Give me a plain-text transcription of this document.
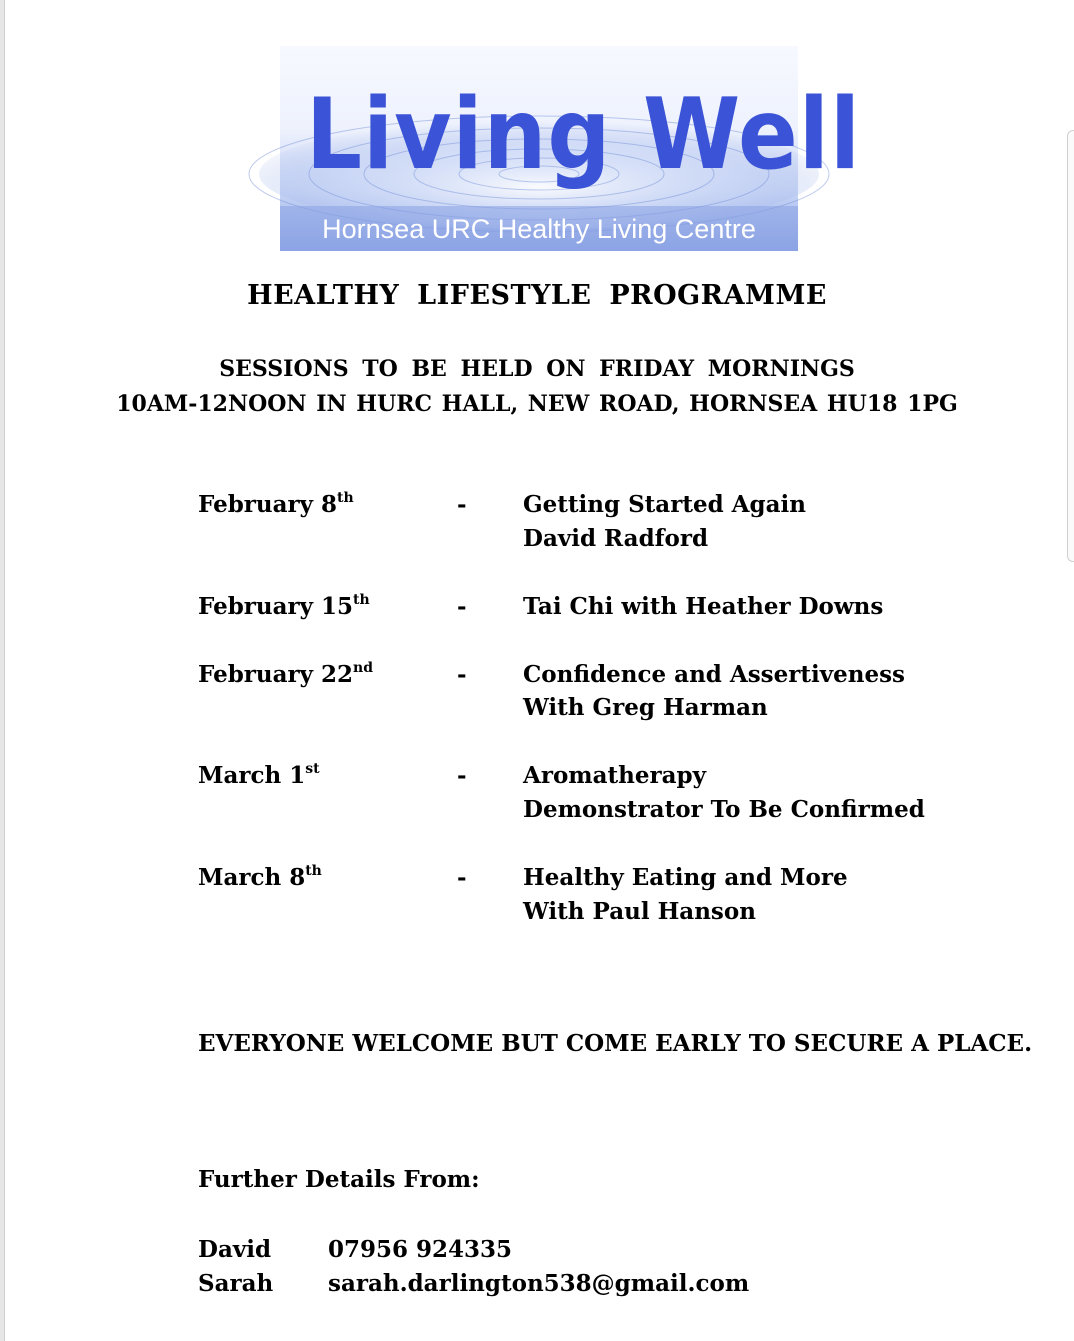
Living Well
Hornsea URC Healthy Living Centre
HEALTHY LIFESTYLE PROGRAMME
SESSIONS TO BE HELD ON FRIDAY MORNINGS
10AM-12NOON IN HURC HALL, NEW ROAD, HORNSEA HU18 1PG
February 8th	- Getting Started Again
David Radford
February 15th	- Tai Chi with Heather Downs
February 22nd	- Confidence and Assertiveness
With Greg Harman
March 1st	- Aromatherapy
Demonstrator To Be Confirmed
March 8th	- Healthy Eating and More
With Paul Hanson
EVERYONE WELCOME BUT COME EARLY TO SECURE A PLACE.
Further Details From:
David 07956 924335
Sarah sarah.darlington538@gmail.com
